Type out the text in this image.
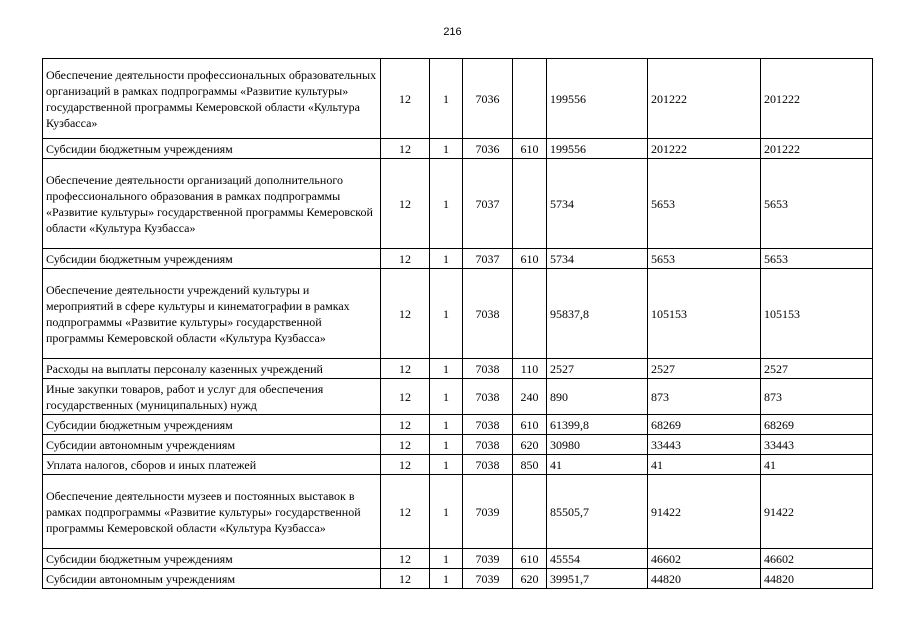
216
Обеспечение деятельности профессиональных образовательных организаций в рамках подпрограммы «Развитие культуры» государственной программы Кемеровской области «Культура Кузбасса»	12	1	7036		199556	201222	201222
Субсидии бюджетным учреждениям	12	1	7036	610	199556	201222	201222
Обеспечение деятельности организаций дополнительного профессионального образования в рамках подпрограммы «Развитие культуры» государственной программы Кемеровской области «Культура Кузбасса»	12	1	7037		5734	5653	5653
Субсидии бюджетным учреждениям	12	1	7037	610	5734	5653	5653
Обеспечение деятельности учреждений культуры и мероприятий в сфере культуры и кинематографии в рамках подпрограммы «Развитие культуры» государственной программы Кемеровской области «Культура Кузбасса»	12	1	7038		95837,8	105153	105153
Расходы на выплаты персоналу казенных учреждений	12	1	7038	110	2527	2527	2527
Иные закупки товаров, работ и услуг для обеспечения государственных (муниципальных) нужд	12	1	7038	240	890	873	873
Субсидии бюджетным учреждениям	12	1	7038	610	61399,8	68269	68269
Субсидии автономным учреждениям	12	1	7038	620	30980	33443	33443
Уплата налогов, сборов и иных платежей	12	1	7038	850	41	41	41
Обеспечение деятельности музеев и постоянных выставок в рамках подпрограммы «Развитие культуры» государственной программы Кемеровской области «Культура Кузбасса»	12	1	7039		85505,7	91422	91422
Субсидии бюджетным учреждениям	12	1	7039	610	45554	46602	46602
Субсидии автономным учреждениям	12	1	7039	620	39951,7	44820	44820
